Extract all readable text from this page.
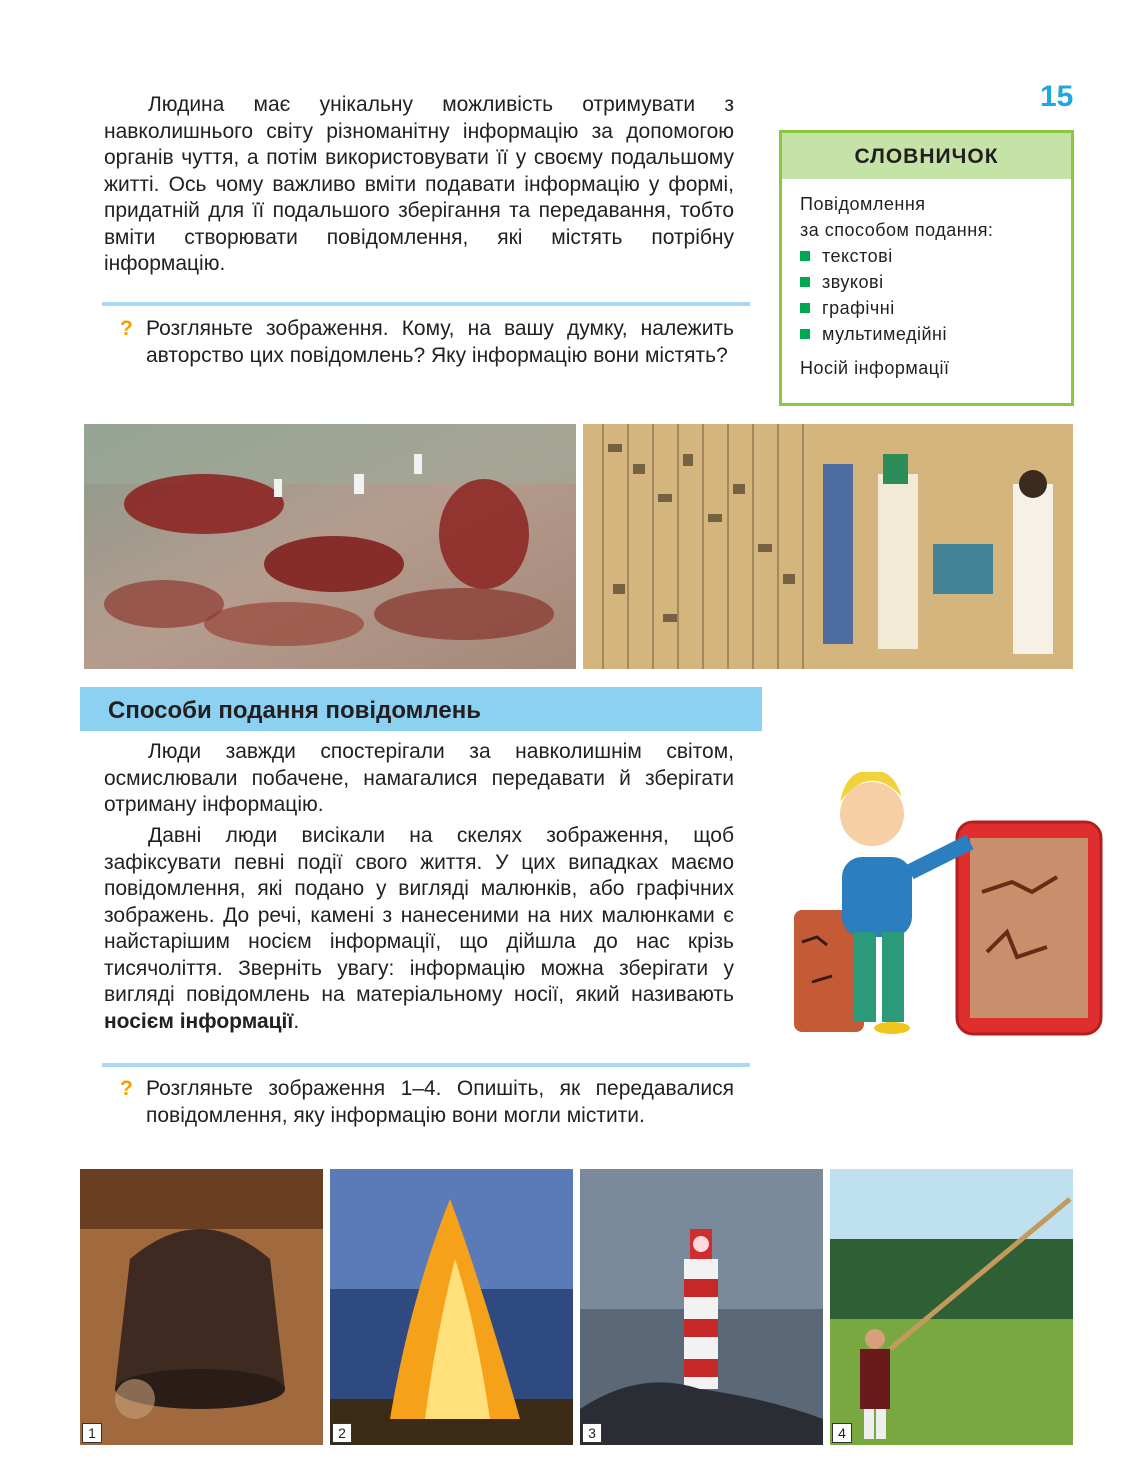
15

Людина має унікальну можливість отримувати з навколишнього світу різноманітну інформацію за допомогою органів чуття, а потім використовувати її у своєму подальшому житті. Ось чому важливо вміти подавати інформацію у формі, придатній для її подальшого зберігання та передавання, тобто вміти створювати повідомлення, які містять потрібну інформацію.

? Розгляньте зображення. Кому, на вашу думку, належить авторство цих повідомлень? Яку інформацію вони містять?
СЛОВНИЧОК
Повідомлення
за способом подання:
текстові
звукові
графічні
мультимедійні
Носій інформації
Способи подання повідомлень

Люди завжди спостерігали за навколишнім світом, осмислювали побачене, намагалися передавати й зберігати отриману інформацію.

Давні люди висікали на скелях зображення, щоб зафіксувати певні події свого життя. У цих випадках маємо повідомлення, які подано у вигляді малюнків, або графічних зображень. До речі, камені з нанесеними на них малюнками є найстарішим носієм інформації, що дійшла до нас крізь тисячоліття. Зверніть увагу: інформацію можна зберігати у вигляді повідомлень на матеріальному носії, який називають носієм інформації.

? Розгляньте зображення 1–4. Опишіть, як передавалися повідомлення, яку інформацію вони могли містити.
1	2	3	4
